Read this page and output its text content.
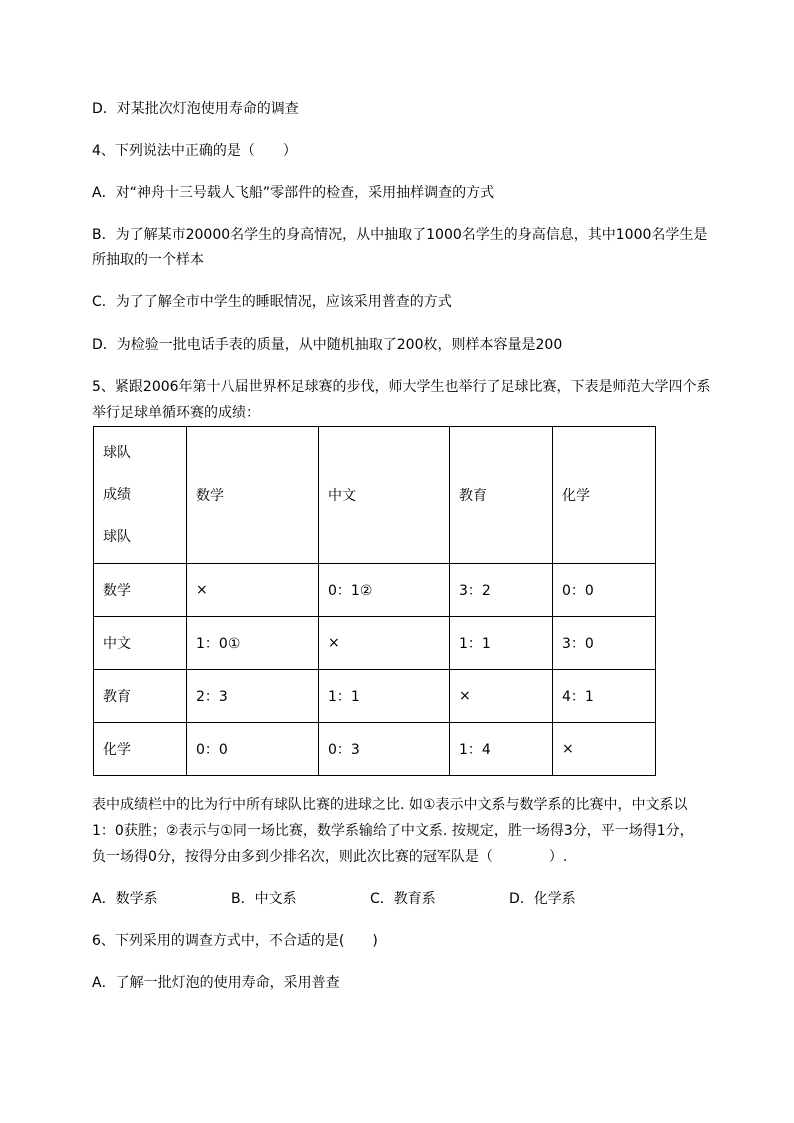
D．对某批次灯泡使用寿命的调查

4、下列说法中正确的是（　　）

A．对“神舟十三号载人飞船”零部件的检查，采用抽样调查的方式

B．为了解某市20000名学生的身高情况，从中抽取了1000名学生的身高信息，其中1000名学生是

所抽取的一个样本

C．为了了解全市中学生的睡眠情况，应该采用普查的方式

D．为检验一批电话手表的质量，从中随机抽取了200枚，则样本容量是200

5、紧跟2006年第十八届世界杯足球赛的步伐，师大学生也举行了足球比赛，下表是师范大学四个系

举行足球单循环赛的成绩：

球队
成绩
球队	数学	中文	教育	化学
数学	×	0：1②	3：2	0：0
中文	1：0①	×	1：1	3：0
教育	2：3	1：1	×	4：1
化学	0：0	0：3	1：4	×

表中成绩栏中的比为行中所有球队比赛的进球之比. 如①表示中文系与数学系的比赛中，中文系以

1：0获胜；②表示与①同一场比赛，数学系输给了中文系. 按规定，胜一场得3分，平一场得1分，

负一场得0分，按得分由多到少排名次，则此次比赛的冠军队是（　　　　）.

A．数学系	B．中文系	C．教育系	D．化学系

6、下列采用的调查方式中，不合适的是(　　)

A．了解一批灯泡的使用寿命，采用普查
